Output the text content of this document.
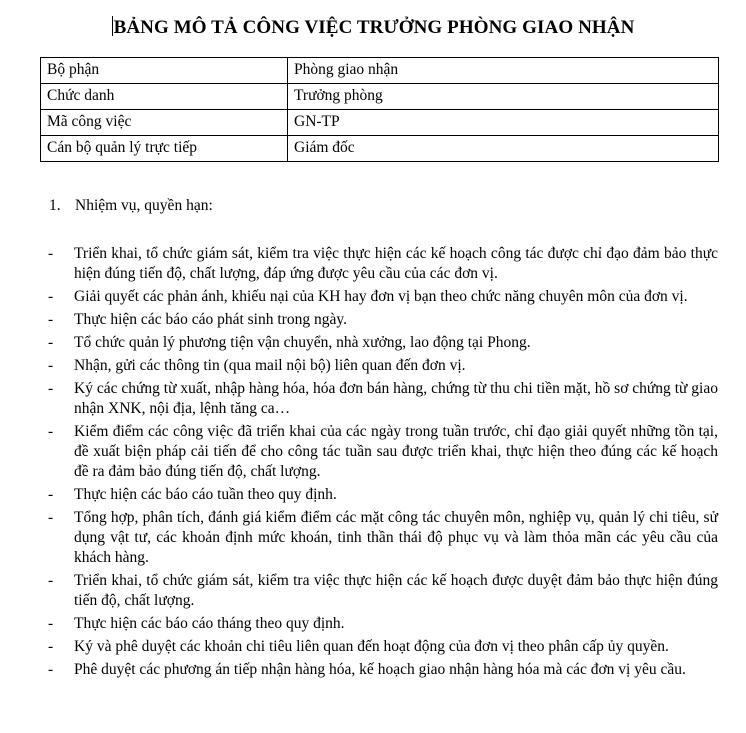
BẢNG MÔ TẢ CÔNG VIỆC TRƯỞNG PHÒNG GIAO NHẬN
Bộ phận	Phòng giao nhận
Chức danh	Trưởng phòng
Mã công việc	GN-TP
Cán bộ quản lý trực tiếp	Giám đốc
1. Nhiệm vụ, quyền hạn:
- Triển khai, tổ chức giám sát, kiểm tra việc thực hiện các kế hoạch công tác được chỉ đạo đảm bảo thực hiện đúng tiến độ, chất lượng, đáp ứng được yêu cầu của các đơn vị.
- Giải quyết các phản ánh, khiếu nại của KH hay đơn vị bạn theo chức năng chuyên môn của đơn vị.
- Thực hiện các báo cáo phát sinh trong ngày.
- Tổ chức quản lý phương tiện vận chuyển, nhà xưởng, lao động tại Phong.
- Nhận, gửi các thông tin (qua mail nội bộ) liên quan đến đơn vị.
- Ký các chứng từ xuất, nhập hàng hóa, hóa đơn bán hàng, chứng từ thu chi tiền mặt, hồ sơ chứng từ giao nhận XNK, nội địa, lệnh tăng ca…
- Kiểm điểm các công việc đã triển khai của các ngày trong tuần trước, chỉ đạo giải quyết những tồn tại, đề xuất biện pháp cải tiến để cho công tác tuần sau được triển khai, thực hiện theo đúng các kế hoạch đề ra đảm bảo đúng tiến độ, chất lượng.
- Thực hiện các báo cáo tuần theo quy định.
- Tổng hợp, phân tích, đánh giá kiểm điểm các mặt công tác chuyên môn, nghiệp vụ, quản lý chi tiêu, sử dụng vật tư, các khoản định mức khoán, tinh thần thái độ phục vụ và làm thỏa mãn các yêu cầu của khách hàng.
- Triển khai, tổ chức giám sát, kiểm tra việc thực hiện các kế hoạch được duyệt đảm bảo thực hiện đúng tiến độ, chất lượng.
- Thực hiện các báo cáo tháng theo quy định.
- Ký và phê duyệt các khoản chi tiêu liên quan đến hoạt động của đơn vị theo phân cấp ủy quyền.
- Phê duyệt các phương án tiếp nhận hàng hóa, kế hoạch giao nhận hàng hóa mà các đơn vị yêu cầu.
